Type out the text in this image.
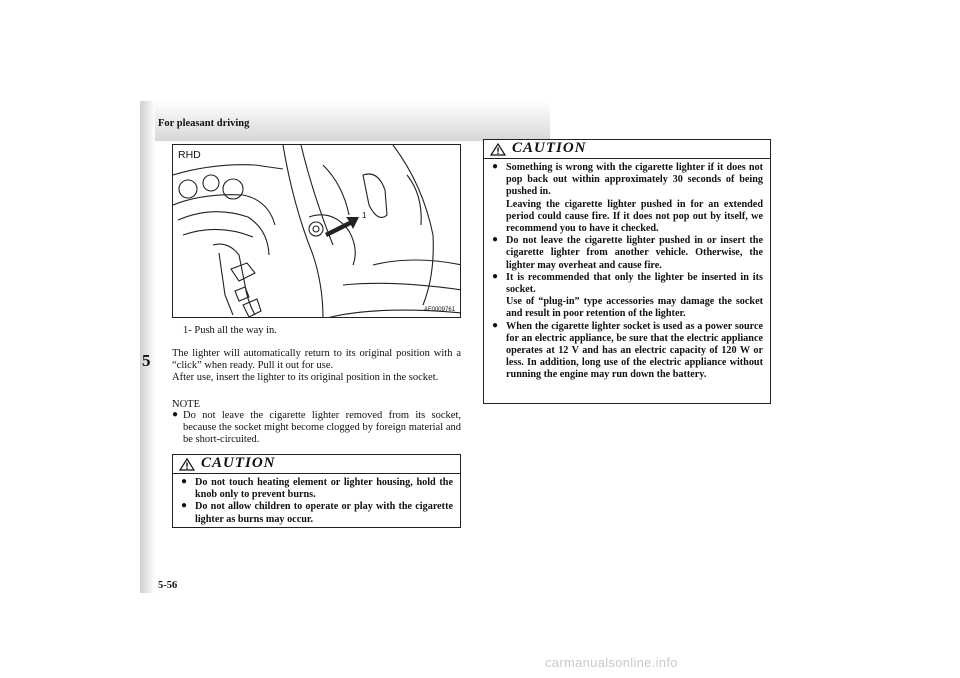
For pleasant driving
5
RHD
1
AF0009761
1- Push all the way in.

The lighter will automatically return to its original position with a “click” when ready. Pull it out for use.

After use, insert the lighter to its original position in the socket.

NOTE
● Do not leave the cigarette lighter removed from its socket, because the socket might become clogged by foreign material and be short-circuited.
CAUTION
● Do not touch heating element or lighter housing, hold the knob only to prevent burns.
● Do not allow children to operate or play with the cigarette lighter as burns may occur.
CAUTION
● Something is wrong with the cigarette lighter if it does not pop back out within approximately 30 seconds of being pushed in.
Leaving the cigarette lighter pushed in for an extended period could cause fire. If it does not pop out by itself, we recommend you to have it checked.
● Do not leave the cigarette lighter pushed in or insert the cigarette lighter from another vehicle. Otherwise, the lighter may overheat and cause fire.
● It is recommended that only the lighter be inserted in its socket.
Use of “plug-in” type accessories may damage the socket and result in poor retention of the lighter.
● When the cigarette lighter socket is used as a power source for an electric appliance, be sure that the electric appliance operates at 12 V and has an electric capacity of 120 W or less. In addition, long use of the electric appliance without running the engine may run down the battery.
5-56
carmanualsonline.info
